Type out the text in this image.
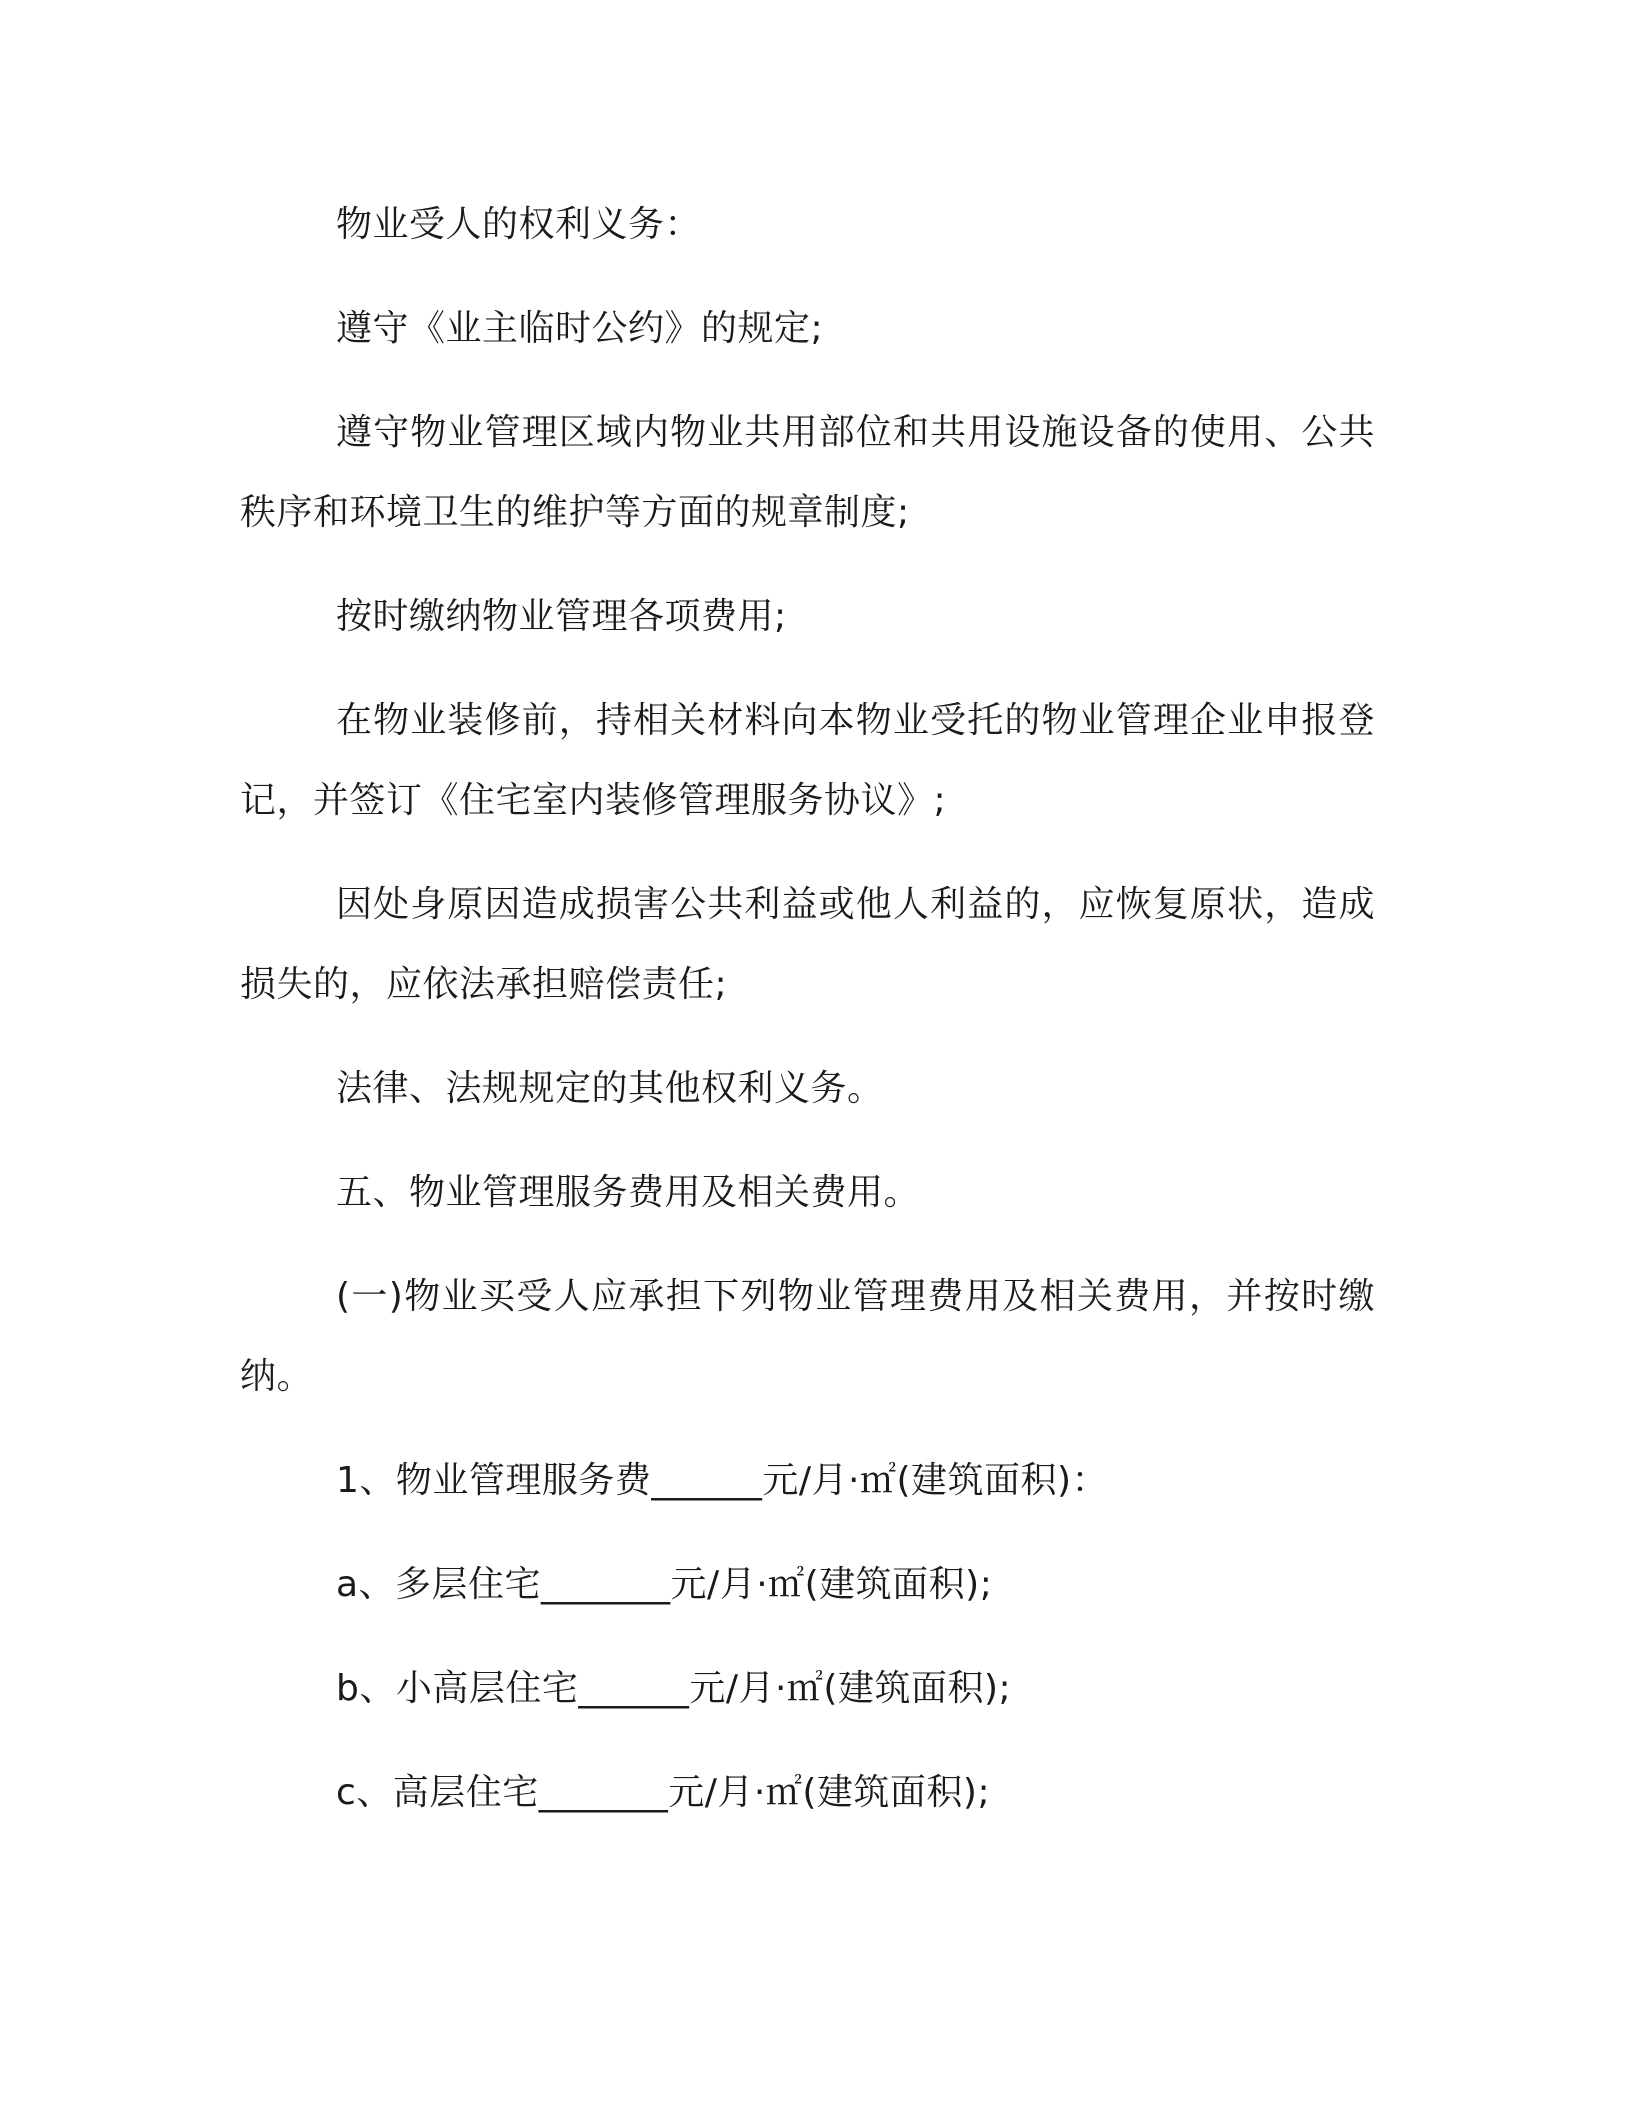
物业受人的权利义务：

遵守《业主临时公约》的规定;

遵守物业管理区域内物业共用部位和共用设施设备的使用、公共秩序和环境卫生的维护等方面的规章制度;

按时缴纳物业管理各项费用;

在物业装修前，持相关材料向本物业受托的物业管理企业申报登记，并签订《住宅室内装修管理服务协议》;

因处身原因造成损害公共利益或他人利益的，应恢复原状，造成损失的，应依法承担赔偿责任;

法律、法规规定的其他权利义务。

五、物业管理服务费用及相关费用。

(一)物业买受人应承担下列物业管理费用及相关费用，并按时缴纳。

1、物业管理服务费______元/月·㎡(建筑面积)：

a、多层住宅_______元/月·㎡(建筑面积);

b、小高层住宅______元/月·㎡(建筑面积);

c、高层住宅_______元/月·㎡(建筑面积);
